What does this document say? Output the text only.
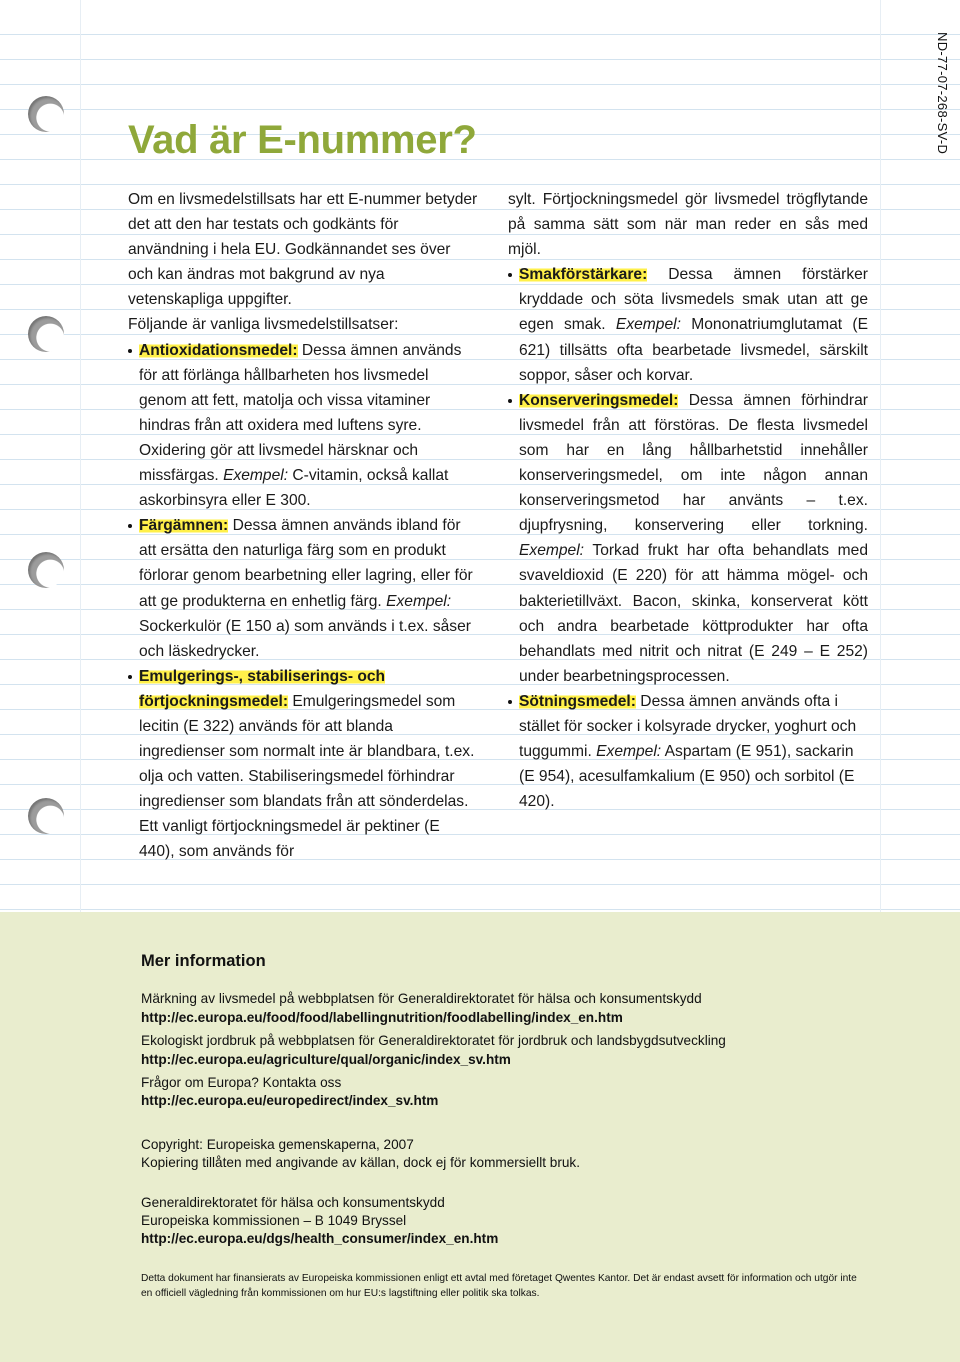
ND-77-07-268-SV-D
Vad är E-nummer?

Om en livsmedelstillsats har ett E-nummer betyder det att den har testats och godkänts för användning i hela EU. Godkännandet ses över och kan ändras mot bakgrund av nya vetenskapliga uppgifter.

Följande är vanliga livsmedelstillsatser:

Antioxidationsmedel: Dessa ämnen används för att förlänga hållbarheten hos livsmedel genom att fett, matolja och vissa vitaminer hindras från att oxidera med luftens syre. Oxidering gör att livsmedel härsknar och missfärgas. Exempel: C-vitamin, också kallat askorbinsyra eller E 300.
Färgämnen: Dessa ämnen används ibland för att ersätta den naturliga färg som en produkt förlorar genom bearbetning eller lagring, eller för att ge produkterna en enhetlig färg. Exempel: Sockerkulör (E 150 a) som används i t.ex. såser och läskedrycker.
Emulgerings-, stabiliserings- och förtjockningsmedel: Emulgeringsmedel som lecitin (E 322) används för att blanda ingredienser som normalt inte är blandbara, t.ex. olja och vatten. Stabiliseringsmedel förhindrar ingredienser som blandats från att sönderdelas. Ett vanligt förtjockningsmedel är pektiner (E 440), som används för

sylt. Förtjockningsmedel gör livsmedel trögflytande på samma sätt som när man reder en sås med mjöl.

Smakförstärkare: Dessa ämnen förstärker kryddade och söta livsmedels smak utan att ge egen smak. Exempel: Mononatriumglutamat (E 621) tillsätts ofta bearbetade livsmedel, särskilt soppor, såser och korvar.
Konserveringsmedel: Dessa ämnen förhindrar livsmedel från att förstöras. De flesta livsmedel som har en lång hållbarhetstid innehåller konserveringsmedel, om inte någon annan konserveringsmetod har använts – t.ex. djupfrysning, konservering eller torkning. Exempel: Torkad frukt har ofta behandlats med svaveldioxid (E 220) för att hämma mögel- och bakterietillväxt. Bacon, skinka, konserverat kött och andra bearbetade köttprodukter har ofta behandlats med nitrit och nitrat (E 249 – E 252) under bearbetningsprocessen.
Sötningsmedel: Dessa ämnen används ofta i stället för socker i kolsyrade drycker, yoghurt och tuggummi. Exempel: Aspartam (E 951), sackarin (E 954), acesulfamkalium (E 950) och sorbitol (E 420).
Mer information
Märkning av livsmedel på webbplatsen för Generaldirektoratet för hälsa och konsumentskydd
http://ec.europa.eu/food/food/labellingnutrition/foodlabelling/index_en.htm
Ekologiskt jordbruk på webbplatsen för Generaldirektoratet för jordbruk och landsbygdsutveckling
http://ec.europa.eu/agriculture/qual/organic/index_sv.htm
Frågor om Europa? Kontakta oss
http://ec.europa.eu/europedirect/index_sv.htm
Copyright: Europeiska gemenskaperna, 2007
Kopiering tillåten med angivande av källan, dock ej för kommersiellt bruk.
Generaldirektoratet för hälsa och konsumentskydd
Europeiska kommissionen – B 1049 Bryssel
http://ec.europa.eu/dgs/health_consumer/index_en.htm
Detta dokument har finansierats av Europeiska kommissionen enligt ett avtal med företaget Qwentes Kantor. Det är endast avsett för information och utgör inte en officiell vägledning från kommissionen om hur EU:s lagstiftning eller politik ska tolkas.
